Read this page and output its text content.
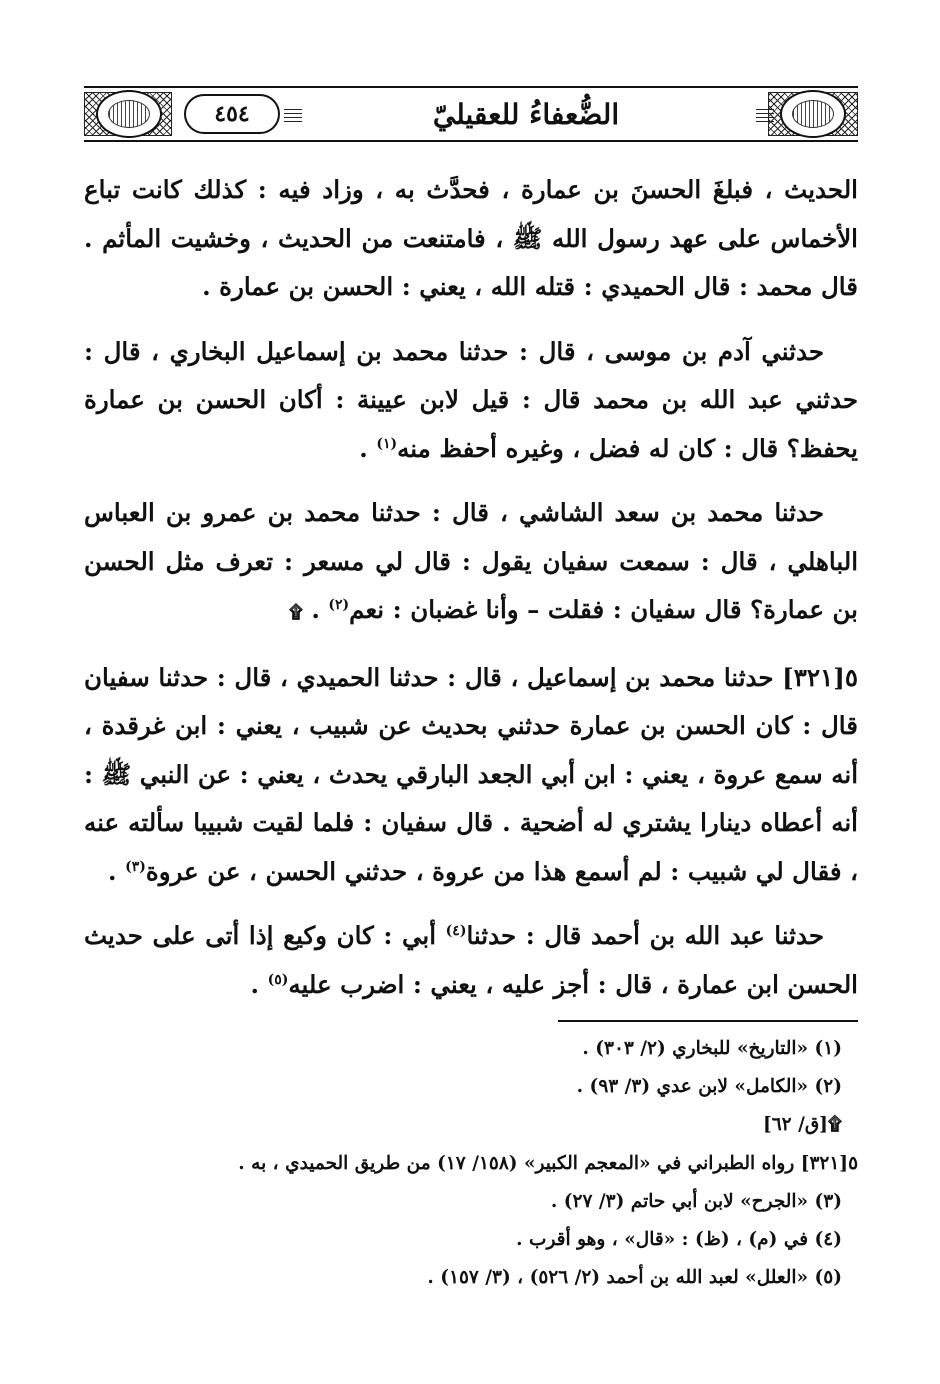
٤٥٤	الضُّعفاءُ للعقيليّ

الحديث ، فبلغَ الحسنَ بن عمارة ، فحدَّث به ، وزاد فيه : كذلك كانت تباع الأخماس على عهد رسول الله ﷺ ، فامتنعت من الحديث ، وخشيت المأثم . قال محمد : قال الحميدي : قتله الله ، يعني : الحسن بن عمارة .

حدثني آدم بن موسى ، قال : حدثنا محمد بن إسماعيل البخاري ، قال : حدثني عبد الله بن محمد قال : قيل لابن عيينة : أكان الحسن بن عمارة يحفظ؟ قال : كان له فضل ، وغيره أحفظ منه$^{(١)}$ .

حدثنا محمد بن سعد الشاشي ، قال : حدثنا محمد بن عمرو بن العباس الباهلي ، قال : سمعت سفيان يقول : قال لي مسعر : تعرف مثل الحسن بن عمارة؟ قال سفيان : فقلت – وأنا غضبان : نعم$^{(٢)}$ . ۩

٥[٣٢١] حدثنا محمد بن إسماعيل ، قال : حدثنا الحميدي ، قال : حدثنا سفيان قال : كان الحسن بن عمارة حدثني بحديث عن شبيب ، يعني : ابن غرقدة ، أنه سمع عروة ، يعني : ابن أبي الجعد البارقي يحدث ، يعني : عن النبي ﷺ : أنه أعطاه دينارا يشتري له أضحية . قال سفيان : فلما لقيت شبيبا سألته عنه ، فقال لي شبيب : لم أسمع هذا من عروة ، حدثني الحسن ، عن عروة$^{(٣)}$ .

حدثنا عبد الله بن أحمد قال : حدثنا$^{(٤)}$ أبي : كان وكيع إذا أتى على حديث الحسن ابن عمارة ، قال : أجز عليه ، يعني : اضرب عليه$^{(٥)}$ .

(١) «التاريخ» للبخاري (٢/ ٣٠٣) .

(٢) «الكامل» لابن عدي (٣/ ٩٣) .

۩[ق/ ٦٢]

٥[٣٢١] رواه الطبراني في «المعجم الكبير» (١٥٨/ ١٧) من طريق الحميدي ، به .

(٣) «الجرح» لابن أبي حاتم (٣/ ٢٧) .

(٤) في (م) ، (ظ) : «قال» ، وهو أقرب .

(٥) «العلل» لعبد الله بن أحمد (٢/ ٥٢٦) ، (٣/ ١٥٧) .
